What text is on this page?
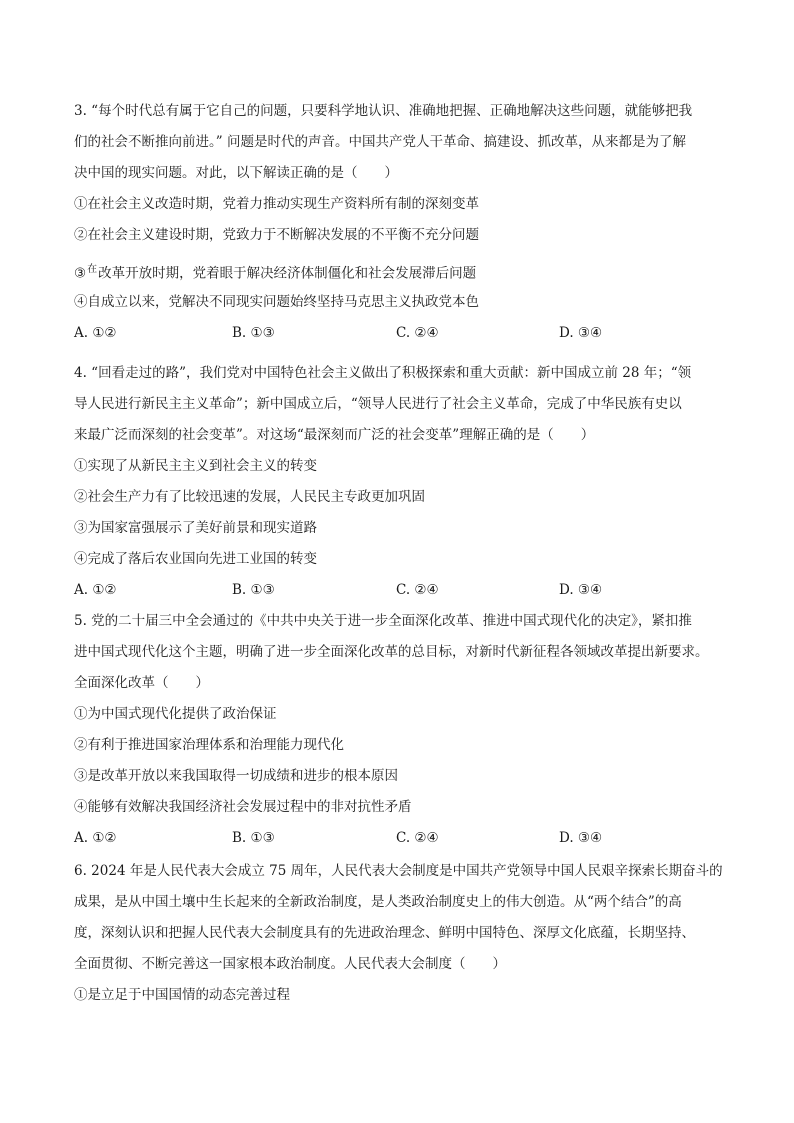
3. “每个时代总有属于它自己的问题，只要科学地认识、准确地把握、正确地解决这些问题，就能够把我
们的社会不断推向前进。” 问题是时代的声音。中国共产党人干革命、搞建设、抓改革，从来都是为了解
决中国的现实问题。对此，以下解读正确的是（　　）
①在社会主义改造时期，党着力推动实现生产资料所有制的深刻变革
②在社会主义建设时期，党致力于不断解决发展的不平衡不充分问题
③$^在$改革开放时期，党着眼于解决经济体制僵化和社会发展滞后问题
④自成立以来，党解决不同现实问题始终坚持马克思主义执政党本色
A. ①②	B. ①③	C. ②④	D. ③④
4. “回看走过的路”，我们党对中国特色社会主义做出了积极探索和重大贡献：新中国成立前 28 年；“领
导人民进行新民主主义革命”；新中国成立后，“领导人民进行了社会主义革命，完成了中华民族有史以
来最广泛而深刻的社会变革”。对这场“最深刻而广泛的社会变革”理解正确的是（　　）
①实现了从新民主主义到社会主义的转变
②社会生产力有了比较迅速的发展，人民民主专政更加巩固
③为国家富强展示了美好前景和现实道路
④完成了落后农业国向先进工业国的转变
A. ①②	B. ①③	C. ②④	D. ③④
5. 党的二十届三中全会通过的《中共中央关于进一步全面深化改革、推进中国式现代化的决定》，紧扣推
进中国式现代化这个主题，明确了进一步全面深化改革的总目标，对新时代新征程各领域改革提出新要求。
全面深化改革（　　）
①为中国式现代化提供了政治保证
②有利于推进国家治理体系和治理能力现代化
③是改革开放以来我国取得一切成绩和进步的根本原因
④能够有效解决我国经济社会发展过程中的非对抗性矛盾
A. ①②	B. ①③	C. ②④	D. ③④
6. 2024 年是人民代表大会成立 75 周年，人民代表大会制度是中国共产党领导中国人民艰辛探索长期奋斗的
成果，是从中国土壤中生长起来的全新政治制度，是人类政治制度史上的伟大创造。从“两个结合”的高
度，深刻认识和把握人民代表大会制度具有的先进政治理念、鲜明中国特色、深厚文化底蕴，长期坚持、
全面贯彻、不断完善这一国家根本政治制度。人民代表大会制度（　　）
①是立足于中国国情的动态完善过程
